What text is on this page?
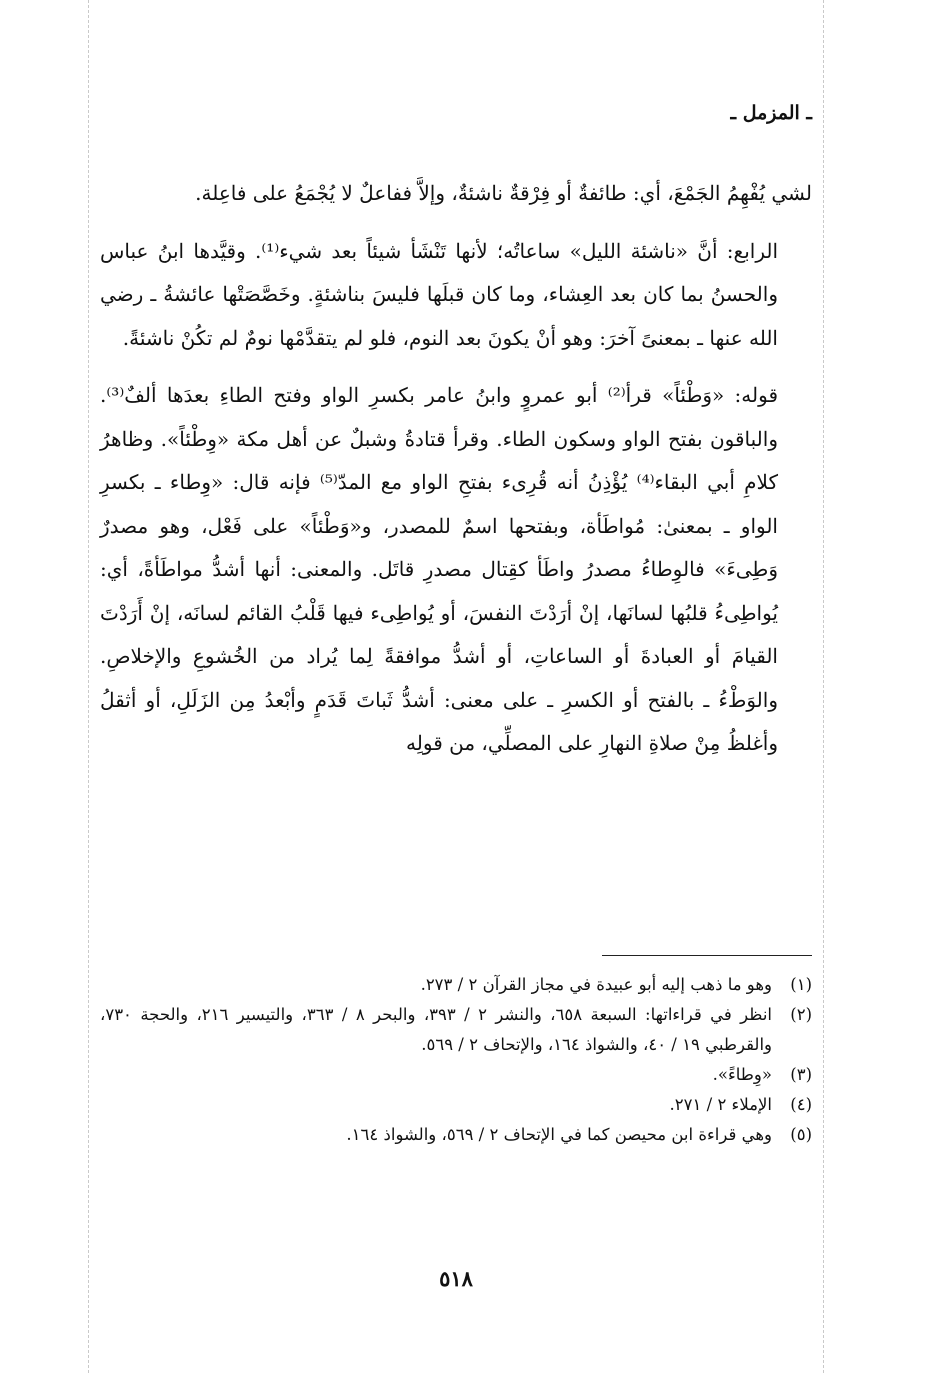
ـ المزمل ـ

لشي يُفْهِمُ الجَمْعَ، أي: طائفةٌ أو فِرْقةٌ ناشئةٌ، وإلاَّ ففاعلٌ لا يُجْمَعُ على فاعِلة.

الرابع: أنَّ «ناشئة الليل» ساعاتُه؛ لأنها تَنْشَأ شيئاً بعد شيء⁽¹⁾. وقيَّدها ابنُ عباس والحسنُ بما كان بعد العِشاء، وما كان قبلَها فليسَ بناشئةٍ. وخَصَّصَتْها عائشةُ ـ رضي الله عنها ـ بمعنىً آخرَ: وهو أنْ يكونَ بعد النوم، فلو لم يتقدَّمْها نومٌ لم تكُنْ ناشئةً.

قوله: «وَطْئاً» قرأ⁽²⁾ أبو عمروٍ وابنُ عامر بكسرِ الواو وفتح الطاءِ بعدَها ألفٌ⁽³⁾. والباقون بفتح الواو وسكون الطاء. وقرأ قتادةُ وشبلٌ عن أهل مكة «وِطْئاً». وظاهرُ كلامِ أبي البقاء⁽⁴⁾ يُؤْذِنُ أنه قُرِىء بفتحِ الواو مع المدّ⁽⁵⁾ فإنه قال: «وِطاء ـ بكسرِ الواو ـ بمعنىٰ: مُواطَأة، وبفتحها اسمٌ للمصدر، و«وَطْئاً» على فَعْل، وهو مصدرٌ وَطِىءَ» فالوِطاءُ مصدرُ واطَأ كقِتال مصدرِ قاتَل. والمعنى: أنها أشدُّ مواطَأةً، أي: يُواطِىءُ قلبُها لسانَها، إنْ أرَدْتَ النفسَ، أو يُواطِىء فيها قَلْبُ القائم لسانَه، إنْ أَرَدْتَ القيامَ أو العبادةَ أو الساعاتِ، أو أشدُّ موافقةً لِما يُراد من الخُشوعِ والإخلاصِ. والوَطْءُ ـ بالفتح أو الكسرِ ـ على معنى: أشدُّ ثَباتَ قَدَمٍ وأبْعدُ مِن الزَلَلِ، أو أثقلُ وأغلظُ مِنْ صلاةِ النهارِ على المصلِّي، من قولِه

(١)
وهو ما ذهب إليه أبو عبيدة في مجاز القرآن ٢ / ٢٧٣.
(٢)
انظر في قراءاتها: السبعة ٦٥٨، والنشر ٢ / ٣٩٣، والبحر ٨ / ٣٦٣، والتيسير ٢١٦، والحجة ٧٣٠، والقرطبي ١٩ / ٤٠، والشواذ ١٦٤، والإتحاف ٢ / ٥٦٩.
(٣)
«وِطاءً».
(٤)
الإملاء ٢ / ٢٧١.
(٥)
وهي قراءة ابن محيصن كما في الإتحاف ٢ / ٥٦٩، والشواذ ١٦٤.
٥١٨
